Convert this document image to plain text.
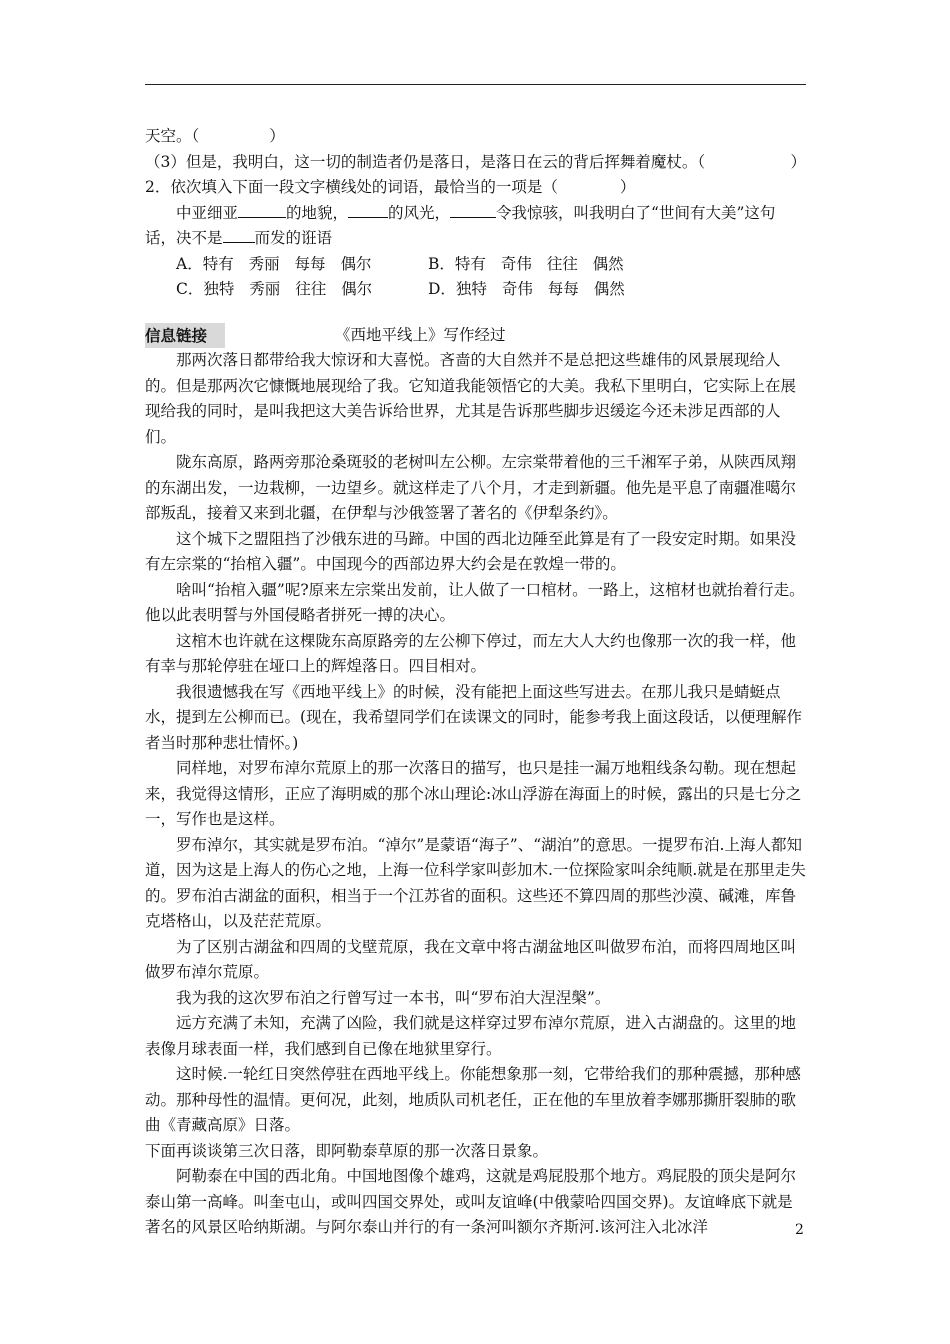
天空。（	）

（3）但是，我明白，这一切的制造者仍是落日，是落日在云的背后挥舞着魔杖。（	）

2．依次填入下面一段文字横线处的词语，最恰当的一项是（	）

中亚细亚	的地貌，	的风光，	令我惊骇，叫我明白了“世间有大美”这句话，决不是 而发的诳语

A．特有 秀丽 每每 偶尔	B．特有 奇伟 往往 偶然
C．独特 秀丽 往往 偶尔	D．独特 奇伟 每每 偶然
信息链接	《西地平线上》写作经过

那两次落日都带给我大惊讶和大喜悦。吝啬的大自然并不是总把这些雄伟的风景展现给人的。但是那两次它慷慨地展现给了我。它知道我能领悟它的大美。我私下里明白，它实际上在展现给我的同时，是叫我把这大美告诉给世界，尤其是告诉那些脚步迟缓迄今还未涉足西部的人们。

陇东高原，路两旁那沧桑斑驳的老树叫左公柳。左宗棠带着他的三千湘军子弟，从陕西凤翔的东湖出发，一边栽柳，一边望乡。就这样走了八个月，才走到新疆。他先是平息了南疆准噶尔部叛乱，接着又来到北疆，在伊犁与沙俄签署了著名的《伊犁条约》。

这个城下之盟阻挡了沙俄东进的马蹄。中国的西北边陲至此算是有了一段安定时期。如果没有左宗棠的“抬棺入疆”。中国现今的西部边界大约会是在敦煌一带的。

啥叫“抬棺入疆”呢?原来左宗棠出发前，让人做了一口棺材。一路上，这棺材也就抬着行走。他以此表明誓与外国侵略者拼死一搏的决心。

这棺木也许就在这棵陇东高原路旁的左公柳下停过，而左大人大约也像那一次的我一样，他有幸与那轮停驻在垭口上的辉煌落日。四目相对。

我很遗憾我在写《西地平线上》的时候，没有能把上面这些写进去。在那儿我只是蜻蜓点水，提到左公柳而已。(现在，我希望同学们在读课文的同时，能参考我上面这段话，以便理解作者当时那种悲壮情怀。)

同样地，对罗布淖尔荒原上的那一次落日的描写，也只是挂一漏万地粗线条勾勒。现在想起来，我觉得这情形，正应了海明威的那个冰山理论:冰山浮游在海面上的时候，露出的只是七分之一，写作也是这样。

罗布淖尔，其实就是罗布泊。“淖尔”是蒙语“海子”、“湖泊”的意思。一提罗布泊.上海人都知道，因为这是上海人的伤心之地，上海一位科学家叫彭加木.一位探险家叫余纯顺.就是在那里走失的。罗布泊古湖盆的面积，相当于一个江苏省的面积。这些还不算四周的那些沙漠、碱滩，库鲁克塔格山，以及茫茫荒原。

为了区别古湖盆和四周的戈壁荒原，我在文章中将古湖盆地区叫做罗布泊，而将四周地区叫做罗布淖尔荒原。

我为我的这次罗布泊之行曾写过一本书，叫“罗布泊大涅涅槃”。

远方充满了未知，充满了凶险，我们就是这样穿过罗布淖尔荒原，进入古湖盘的。这里的地表像月球表面一样，我们感到自已像在地狱里穿行。

这时候.一轮红日突然停驻在西地平线上。你能想象那一刻，它带给我们的那种震撼，那种感动。那种母性的温情。更何况，此刻，地质队司机老任，正在他的车里放着李娜那撕肝裂肺的歌曲《青藏高原》日落。

下面再谈谈第三次日落，即阿勒泰草原的那一次落日景象。

阿勒泰在中国的西北角。中国地图像个雄鸡，这就是鸡屁股那个地方。鸡屁股的顶尖是阿尔泰山第一高峰。叫奎屯山，或叫四国交界处，或叫友谊峰(中俄蒙哈四国交界)。友谊峰底下就是著名的风景区哈纳斯湖。与阿尔泰山并行的有一条河叫额尔齐斯河.该河注入北冰洋	2
